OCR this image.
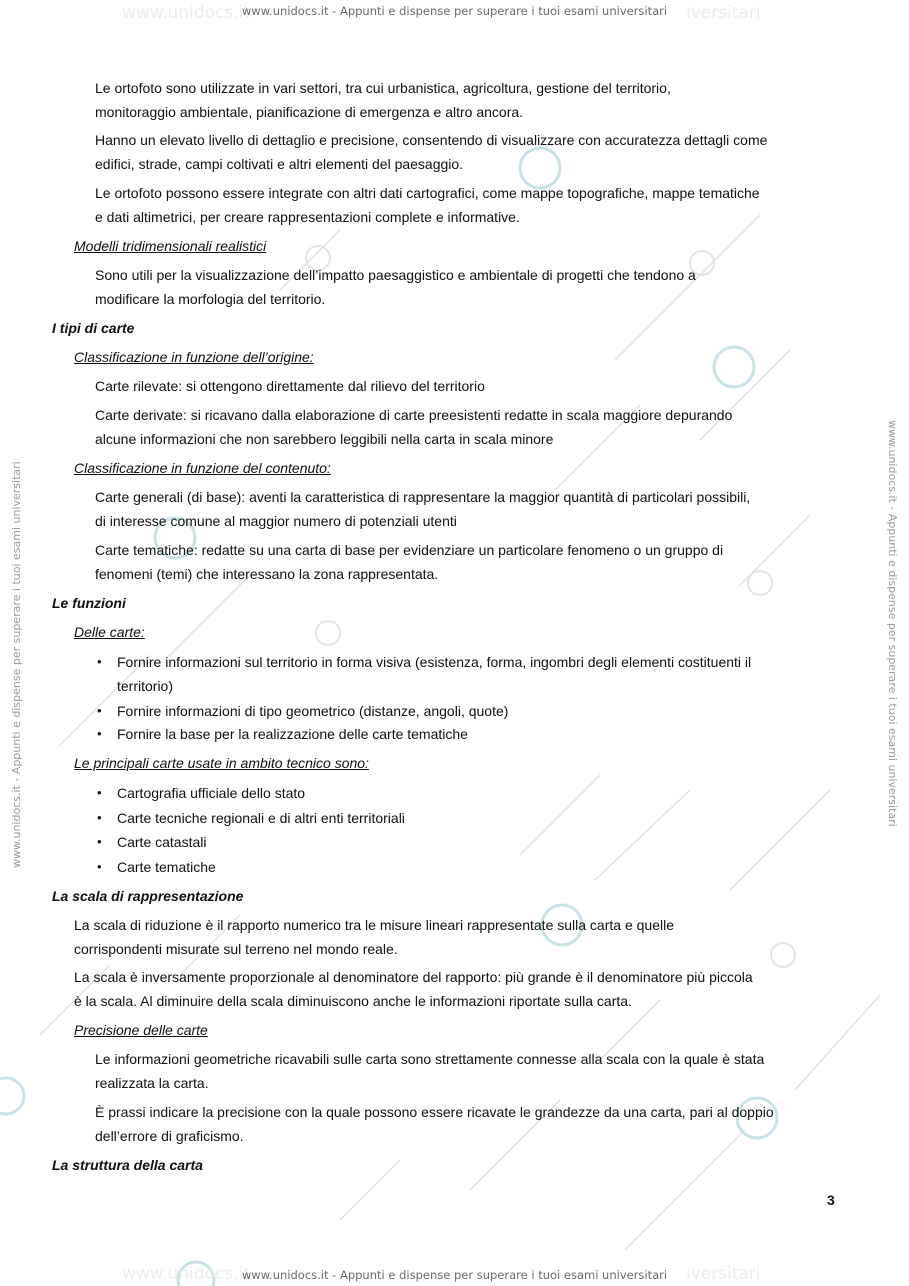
www.unidocs.it	iversitari
www.unidocs.it	iversitari
www.unidocs.it - Appunti e dispense per superare i tuoi esami universitari
www.unidocs.it - Appunti e dispense per superare i tuoi esami universitari
www.unidocs.it - Appunti e dispense per superare i tuoi esami universitari	www.unidocs.it - Appunti e dispense per superare i tuoi esami universitari
Le ortofoto sono utilizzate in vari settori, tra cui urbanistica, agricoltura, gestione del territorio,
monitoraggio ambientale, pianificazione di emergenza e altro ancora.
Hanno un elevato livello di dettaglio e precisione, consentendo di visualizzare con accuratezza dettagli come
edifici, strade, campi coltivati e altri elementi del paesaggio.
Le ortofoto possono essere integrate con altri dati cartografici, come mappe topografiche, mappe tematiche
e dati altimetrici, per creare rappresentazioni complete e informative.
Modelli tridimensionali realistici
Sono utili per la visualizzazione dell’impatto paesaggistico e ambientale di progetti che tendono a
modificare la morfologia del territorio.
I tipi di carte
Classificazione in funzione dell’origine:
Carte rilevate: si ottengono direttamente dal rilievo del territorio
Carte derivate: si ricavano dalla elaborazione di carte preesistenti redatte in scala maggiore depurando
alcune informazioni che non sarebbero leggibili nella carta in scala minore
Classificazione in funzione del contenuto:
Carte generali (di base): aventi la caratteristica di rappresentare la maggior quantità di particolari possibili,
di interesse comune al maggior numero di potenziali utenti
Carte tematiche: redatte su una carta di base per evidenziare un particolare fenomeno o un gruppo di
fenomeni (temi) che interessano la zona rappresentata.
Le funzioni
Delle carte:
• Fornire informazioni sul territorio in forma visiva (esistenza, forma, ingombri degli elementi costituenti il
territorio)
• Fornire informazioni di tipo geometrico (distanze, angoli, quote)
• Fornire la base per la realizzazione delle carte tematiche
Le principali carte usate in ambito tecnico sono:
• Cartografia ufficiale dello stato
• Carte tecniche regionali e di altri enti territoriali
• Carte catastali
• Carte tematiche
La scala di rappresentazione
La scala di riduzione è il rapporto numerico tra le misure lineari rappresentate sulla carta e quelle
corrispondenti misurate sul terreno nel mondo reale.
La scala è inversamente proporzionale al denominatore del rapporto: più grande è il denominatore più piccola
è la scala. Al diminuire della scala diminuiscono anche le informazioni riportate sulla carta.
Precisione delle carte
Le informazioni geometriche ricavabili sulle carta sono strettamente connesse alla scala con la quale è stata
realizzata la carta.
È prassi indicare la precisione con la quale possono essere ricavate le grandezze da una carta, pari al doppio
dell’errore di graficismo.
La struttura della carta
3
